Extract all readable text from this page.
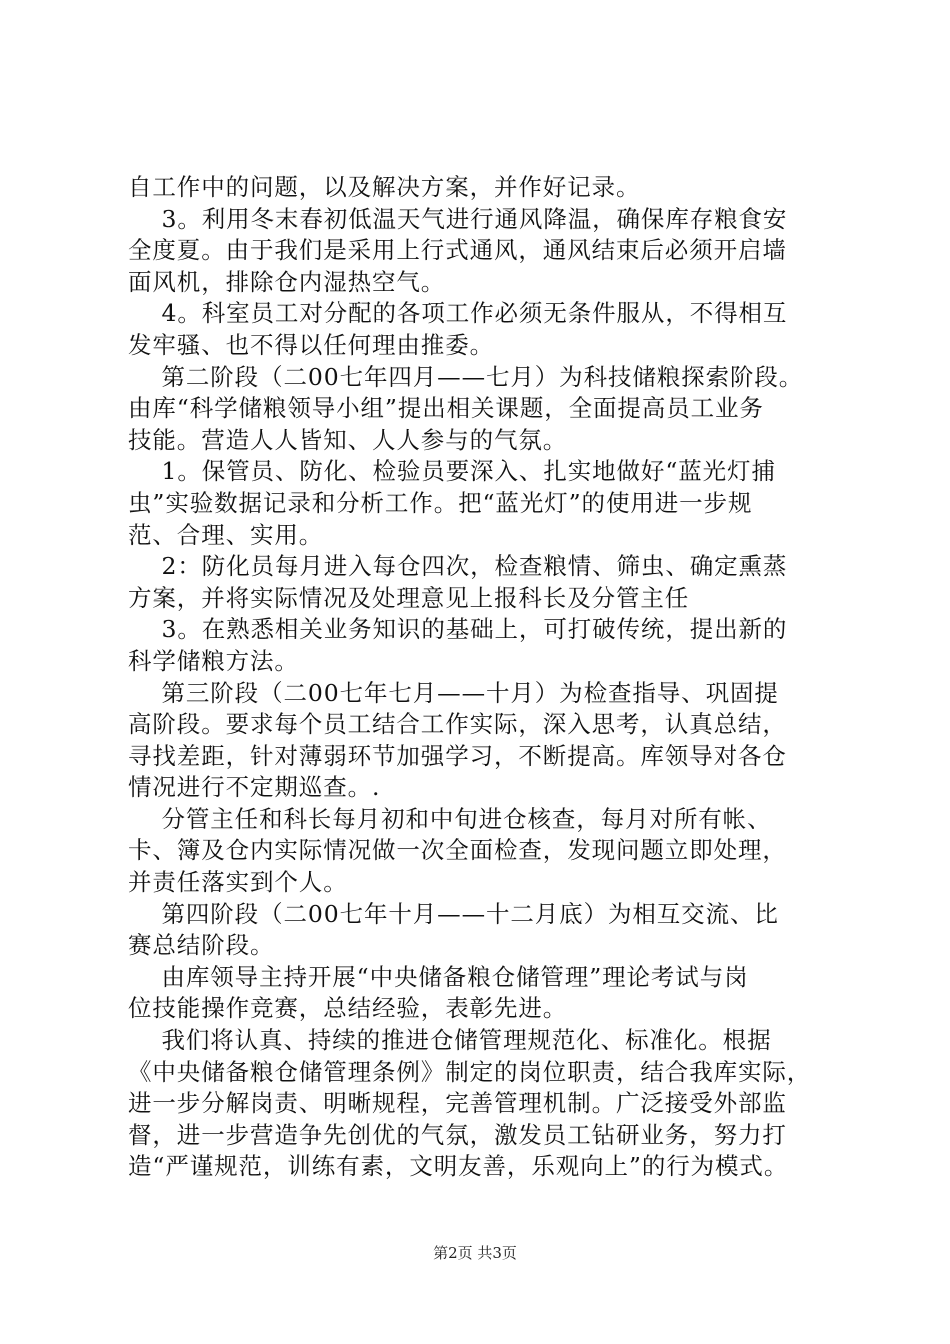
自工作中的问题，以及解决方案，并作好记录。
3。利用冬末春初低温天气进行通风降温，确保库存粮食安
全度夏。由于我们是采用上行式通风，通风结束后必须开启墙
面风机，排除仓内湿热空气。
4。科室员工对分配的各项工作必须无条件服从，不得相互
发牢骚、也不得以任何理由推委。
第二阶段（二00七年四月——七月）为科技储粮探索阶段。
由库“科学储粮领导小组”提出相关课题，全面提高员工业务
技能。营造人人皆知、人人参与的气氛。
1。保管员、防化、检验员要深入、扎实地做好“蓝光灯捕
虫”实验数据记录和分析工作。把“蓝光灯”的使用进一步规
范、合理、实用。
2：防化员每月进入每仓四次，检查粮情、筛虫、确定熏蒸
方案，并将实际情况及处理意见上报科长及分管主任
3。在熟悉相关业务知识的基础上，可打破传统，提出新的
科学储粮方法。
第三阶段（二00七年七月——十月）为检查指导、巩固提
高阶段。要求每个员工结合工作实际，深入思考，认真总结，
寻找差距，针对薄弱环节加强学习，不断提高。库领导对各仓
情况进行不定期巡查。.
分管主任和科长每月初和中旬进仓核查，每月对所有帐、
卡、簿及仓内实际情况做一次全面检查，发现问题立即处理，
并责任落实到个人。
第四阶段（二00七年十月——十二月底）为相互交流、比
赛总结阶段。
由库领导主持开展“中央储备粮仓储管理”理论考试与岗
位技能操作竞赛，总结经验，表彰先进。
我们将认真、持续的推进仓储管理规范化、标准化。根据
《中央储备粮仓储管理条例》制定的岗位职责，结合我库实际，
进一步分解岗责、明晰规程，完善管理机制。广泛接受外部监
督，进一步营造争先创优的气氛，激发员工钻研业务，努力打
造“严谨规范，训练有素，文明友善，乐观向上”的行为模式。
第2页 共3页
